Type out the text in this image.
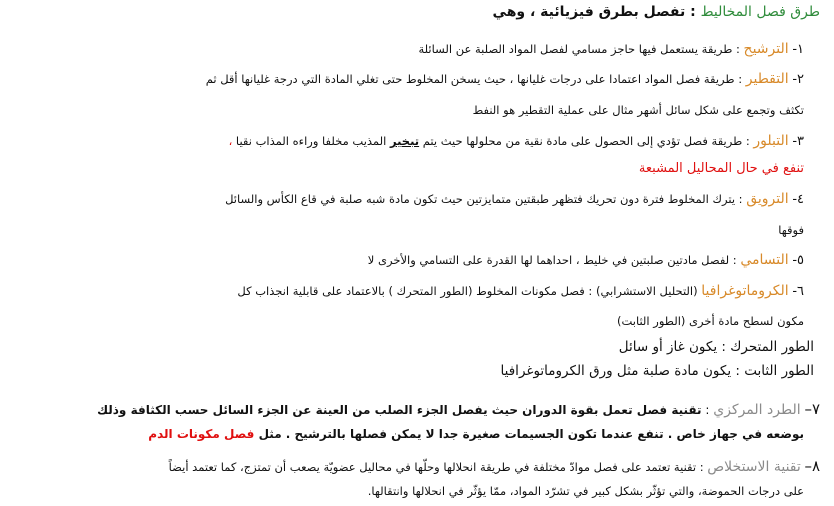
طرق فصل المخاليط : تفصل بطرق فيزيائية ، وهي
١- الترشيح : طريقة يستعمل فيها حاجز مسامي لفصل المواد الصلبة عن السائلة
٢- التقطير : طريقة فصل المواد اعتمادا على درجات غليانها ، حيث يسخن المخلوط حتى تغلي المادة التي درجة غليانها أقل ثم
تكثف وتجمع على شكل سائل أشهر مثال على عملية التقطير هو النفط
٣- التبلور : طريقة فصل تؤدي إلى الحصول على مادة نقية من محلولها حيث يتم تبخير المذيب مخلفا وراءه المذاب نقيا ،
تنفع في حال المحاليل المشبعة
٤- الترويق : يترك المخلوط فترة دون تحريك فتظهر طبقتين متمايزتين حيث تكون مادة شبه صلبة في قاع الكأس والسائل
فوقها
٥- التسامي : لفصل مادتين صلبتين في خليط ، احداهما لها القدرة على التسامي والأخرى لا
٦- الكروماتوغرافيا (التحليل الاستشرابي) : فصل مكونات المخلوط (الطور المتحرك ) بالاعتماد على قابلية انجذاب كل
مكون لسطح مادة أخرى (الطور الثابت)
الطور المتحرك : يكون غاز أو سائل
الطور الثابت : يكون مادة صلبة مثل ورق الكروماتوغرافيا
٧– الطرد المركزي : تقنية فصل تعمل بقوة الدوران حيث يفصل الجزء الصلب من العينة عن الجزء السائل حسب الكثافة وذلك
بوضعه في جهاز خاص . تنفع عندما تكون الجسيمات صغيرة جدا لا يمكن فصلها بالترشيح . مثل فصل مكونات الدم
٨– تقنية الاستخلاص : تقنية تعتمد على فصل موادّ مختلفة في طريقة انحلالها وحلّها في محاليل عضويّة يصعب أن تمتزج، كما تعتمد أيضاً
على درجات الحموضة، والتي تؤثّر بشكل كبير في تشرّد المواد، ممّا يؤثّر في انحلالها وانتقالها.
